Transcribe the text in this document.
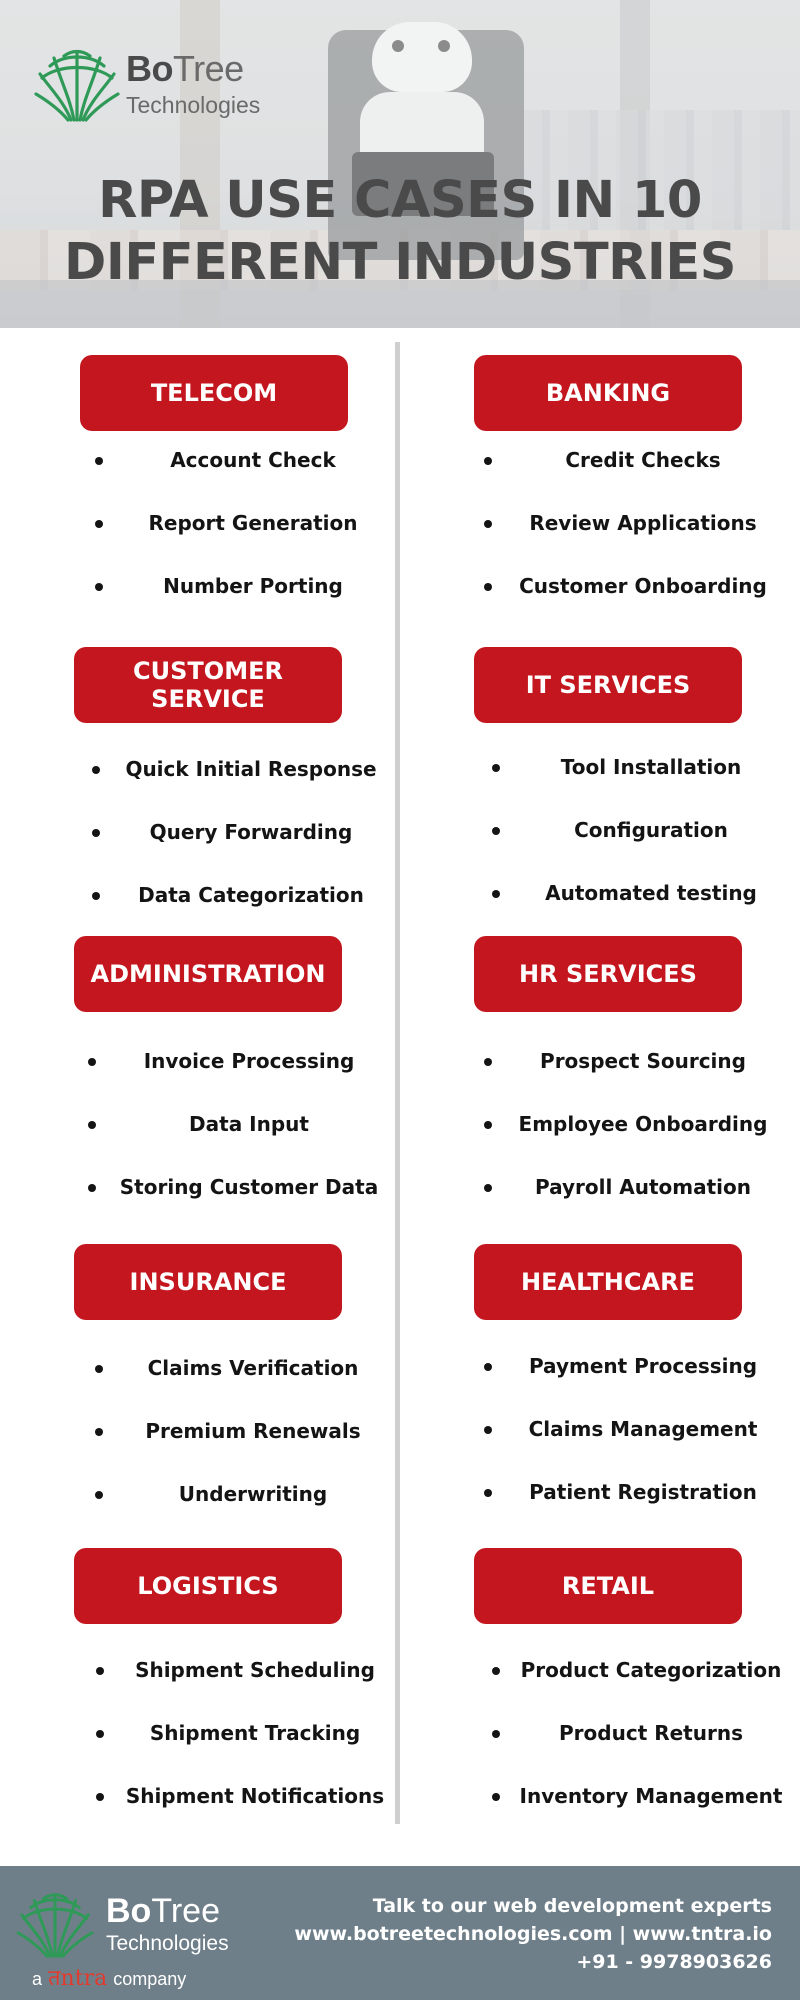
BoTree
Technologies
RPA USE CASES IN 10
DIFFERENT INDUSTRIES
TELECOM
Account Check
Report Generation
Number Porting
CUSTOMER SERVICE
Quick Initial Response
Query Forwarding
Data Categorization
ADMINISTRATION
Invoice Processing
Data Input
Storing Customer Data
INSURANCE
Claims Verification
Premium Renewals
Underwriting
LOGISTICS
Shipment Scheduling
Shipment Tracking
Shipment Notifications
BANKING
Credit Checks
Review Applications
Customer Onboarding
IT SERVICES
Tool Installation
Configuration
Automated testing
HR SERVICES
Prospect Sourcing
Employee Onboarding
Payroll Automation
HEALTHCARE
Payment Processing
Claims Management
Patient Registration
RETAIL
Product Categorization
Product Returns
Inventory Management
BoTree
Technologies
a तntra company
Talk to our web development experts
www.botreetechnologies.com | www.tntra.io
+91 - 9978903626
